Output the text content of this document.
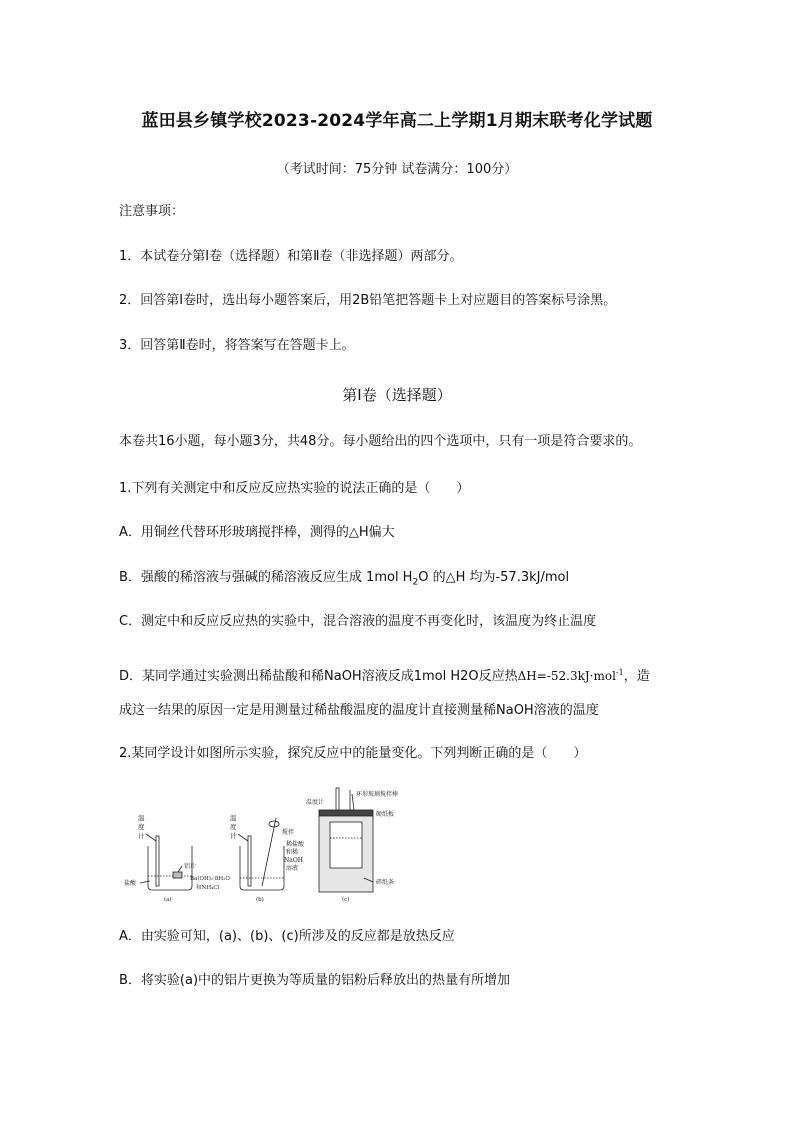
蓝田县乡镇学校2023-2024学年高二上学期1月期末联考化学试题
（考试时间：75分钟 试卷满分：100分）
注意事项：
1．本试卷分第Ⅰ卷（选择题）和第Ⅱ卷（非选择题）两部分。
2．回答第Ⅰ卷时，选出每小题答案后，用2B铅笔把答题卡上对应题目的答案标号涂黑。
3．回答第Ⅱ卷时，将答案写在答题卡上。
第Ⅰ卷（选择题）
本卷共16小题，每小题3分，共48分。每小题给出的四个选项中，只有一项是符合要求的。
1.下列有关测定中和反应反应热实验的说法正确的是（　　）
A．用铜丝代替环形玻璃搅拌棒，测得的△H偏大
B．强酸的稀溶液与强碱的稀溶液反应生成 1mol $H_2O$ 的△H 均为-57.3kJ/mol
C．测定中和反应反应热的实验中，混合溶液的温度不再变化时，该温度为终止温度
D．某同学通过实验测出稀盐酸和稀NaOH溶液反成1mol H2O反应热ΔH=-52.3kJ·mol$^{-1}$，造
成这一结果的原因一定是用测量过稀盐酸温度的温度计直接测量稀NaOH溶液的温度
2.某同学设计如图所示实验，探究反应中的能量变化。下列判断正确的是（　　）
温
度
计
铝片
盐酸
(a)
温
度
计	搅拌
Ba(OH)₂·8H₂O
和NH₄Cl
(b)
温度计
环形玻璃搅拌棒
硬纸板
稀盐酸
和稀
NaOH
溶液
碎纸条
(c)
A．由实验可知，(a)、(b)、(c)所涉及的反应都是放热反应
B．将实验(a)中的铝片更换为等质量的铝粉后释放出的热量有所增加
